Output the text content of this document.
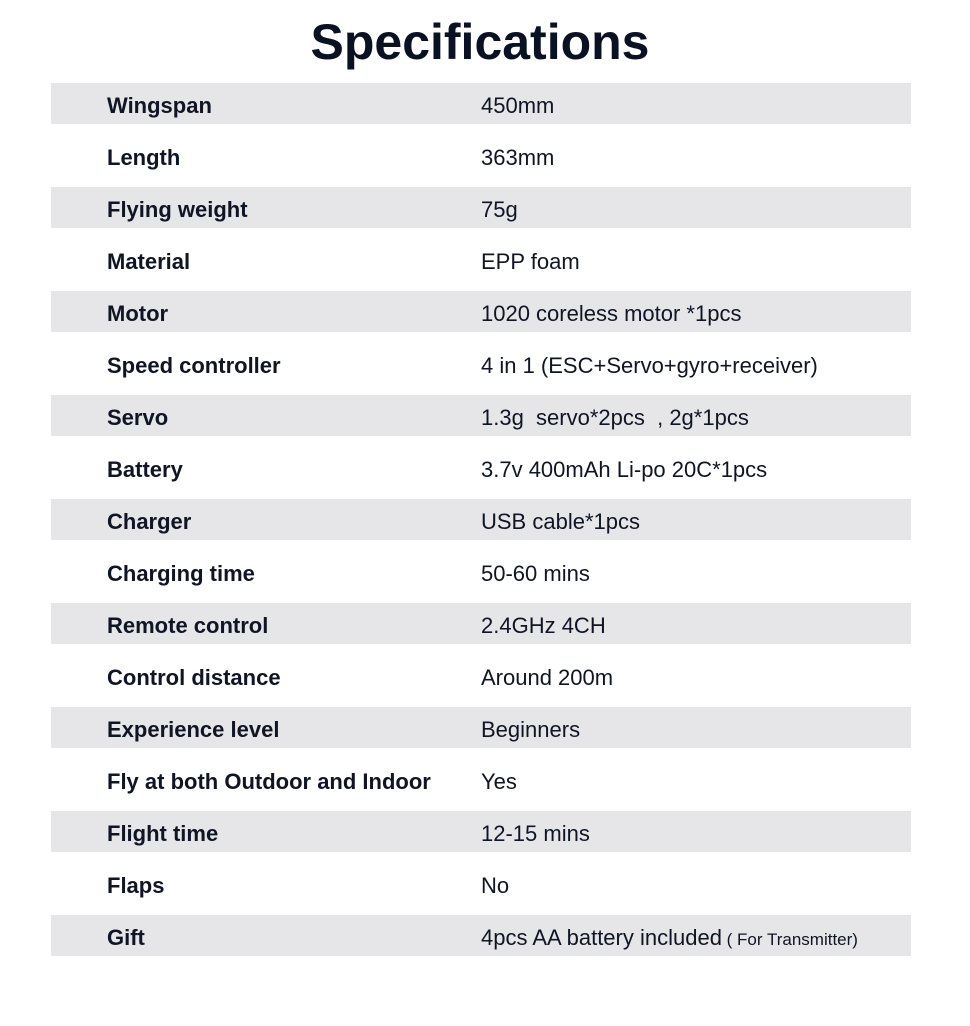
Specifications
Wingspan	450mm
Length	363mm
Flying weight	75g
Material	EPP foam
Motor	1020 coreless motor *1pcs
Speed controller	4 in 1 (ESC+Servo+gyro+receiver)
Servo	1.3g  servo*2pcs  , 2g*1pcs
Battery	3.7v 400mAh Li-po 20C*1pcs
Charger	USB cable*1pcs
Charging time	50-60 mins
Remote control	2.4GHz 4CH
Control distance	Around 200m
Experience level	Beginners
Fly at both Outdoor and Indoor Yes
Flight time	12-15 mins
Flaps	No
Gift	4pcs AA battery included ( For Transmitter)
